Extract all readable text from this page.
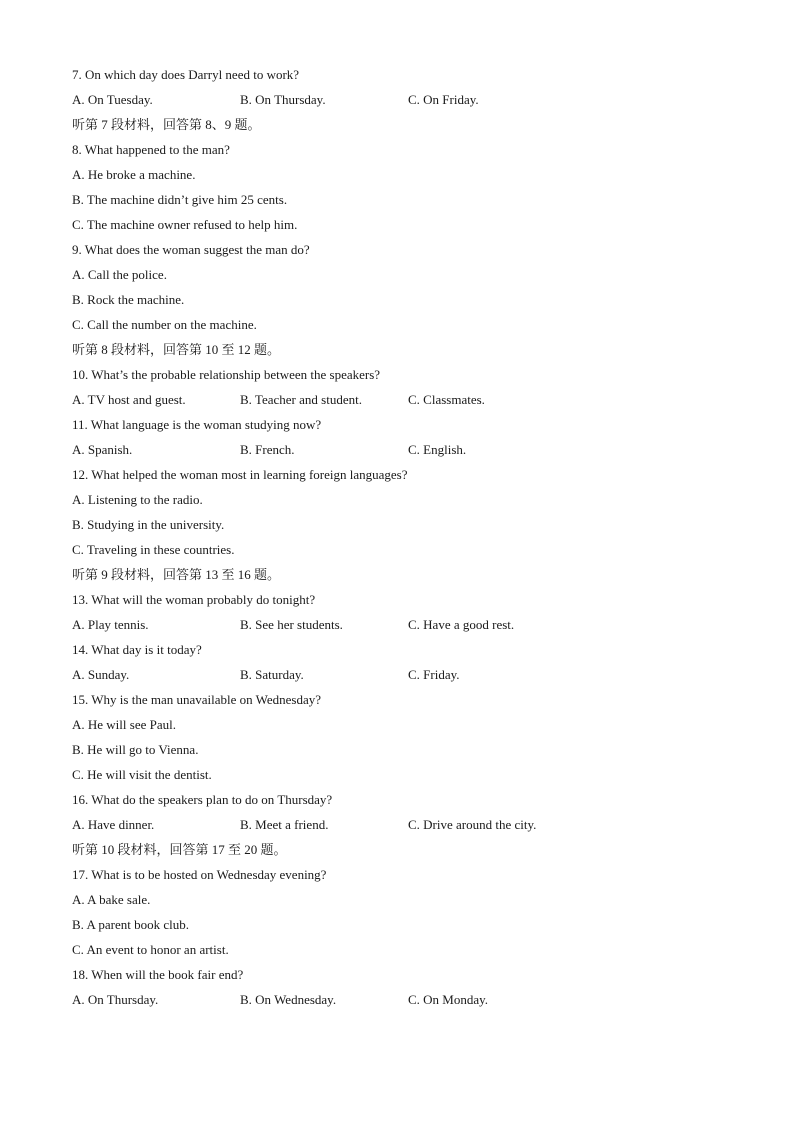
7. On which day does Darryl need to work?
A. On Tuesday.	B. On Thursday.	C. On Friday.
听第 7 段材料，回答第 8、9 题。
8. What happened to the man?
A. He broke a machine.
B. The machine didn’t give him 25 cents.
C. The machine owner refused to help him.
9. What does the woman suggest the man do?
A. Call the police.
B. Rock the machine.
C. Call the number on the machine.
听第 8 段材料，回答第 10 至 12 题。
10. What’s the probable relationship between the speakers?
A. TV host and guest.	B. Teacher and student.	C. Classmates.
11. What language is the woman studying now?
A. Spanish.	B. French.	C. English.
12. What helped the woman most in learning foreign languages?
A. Listening to the radio.
B. Studying in the university.
C. Traveling in these countries.
听第 9 段材料，回答第 13 至 16 题。
13. What will the woman probably do tonight?
A. Play tennis.	B. See her students.	C. Have a good rest.
14. What day is it today?
A. Sunday.	B. Saturday.	C. Friday.
15. Why is the man unavailable on Wednesday?
A. He will see Paul.
B. He will go to Vienna.
C. He will visit the dentist.
16. What do the speakers plan to do on Thursday?
A. Have dinner.	B. Meet a friend.	C. Drive around the city.
听第 10 段材料，回答第 17 至 20 题。
17. What is to be hosted on Wednesday evening?
A. A bake sale.
B. A parent book club.
C. An event to honor an artist.
18. When will the book fair end?
A. On Thursday.	B. On Wednesday.	C. On Monday.
